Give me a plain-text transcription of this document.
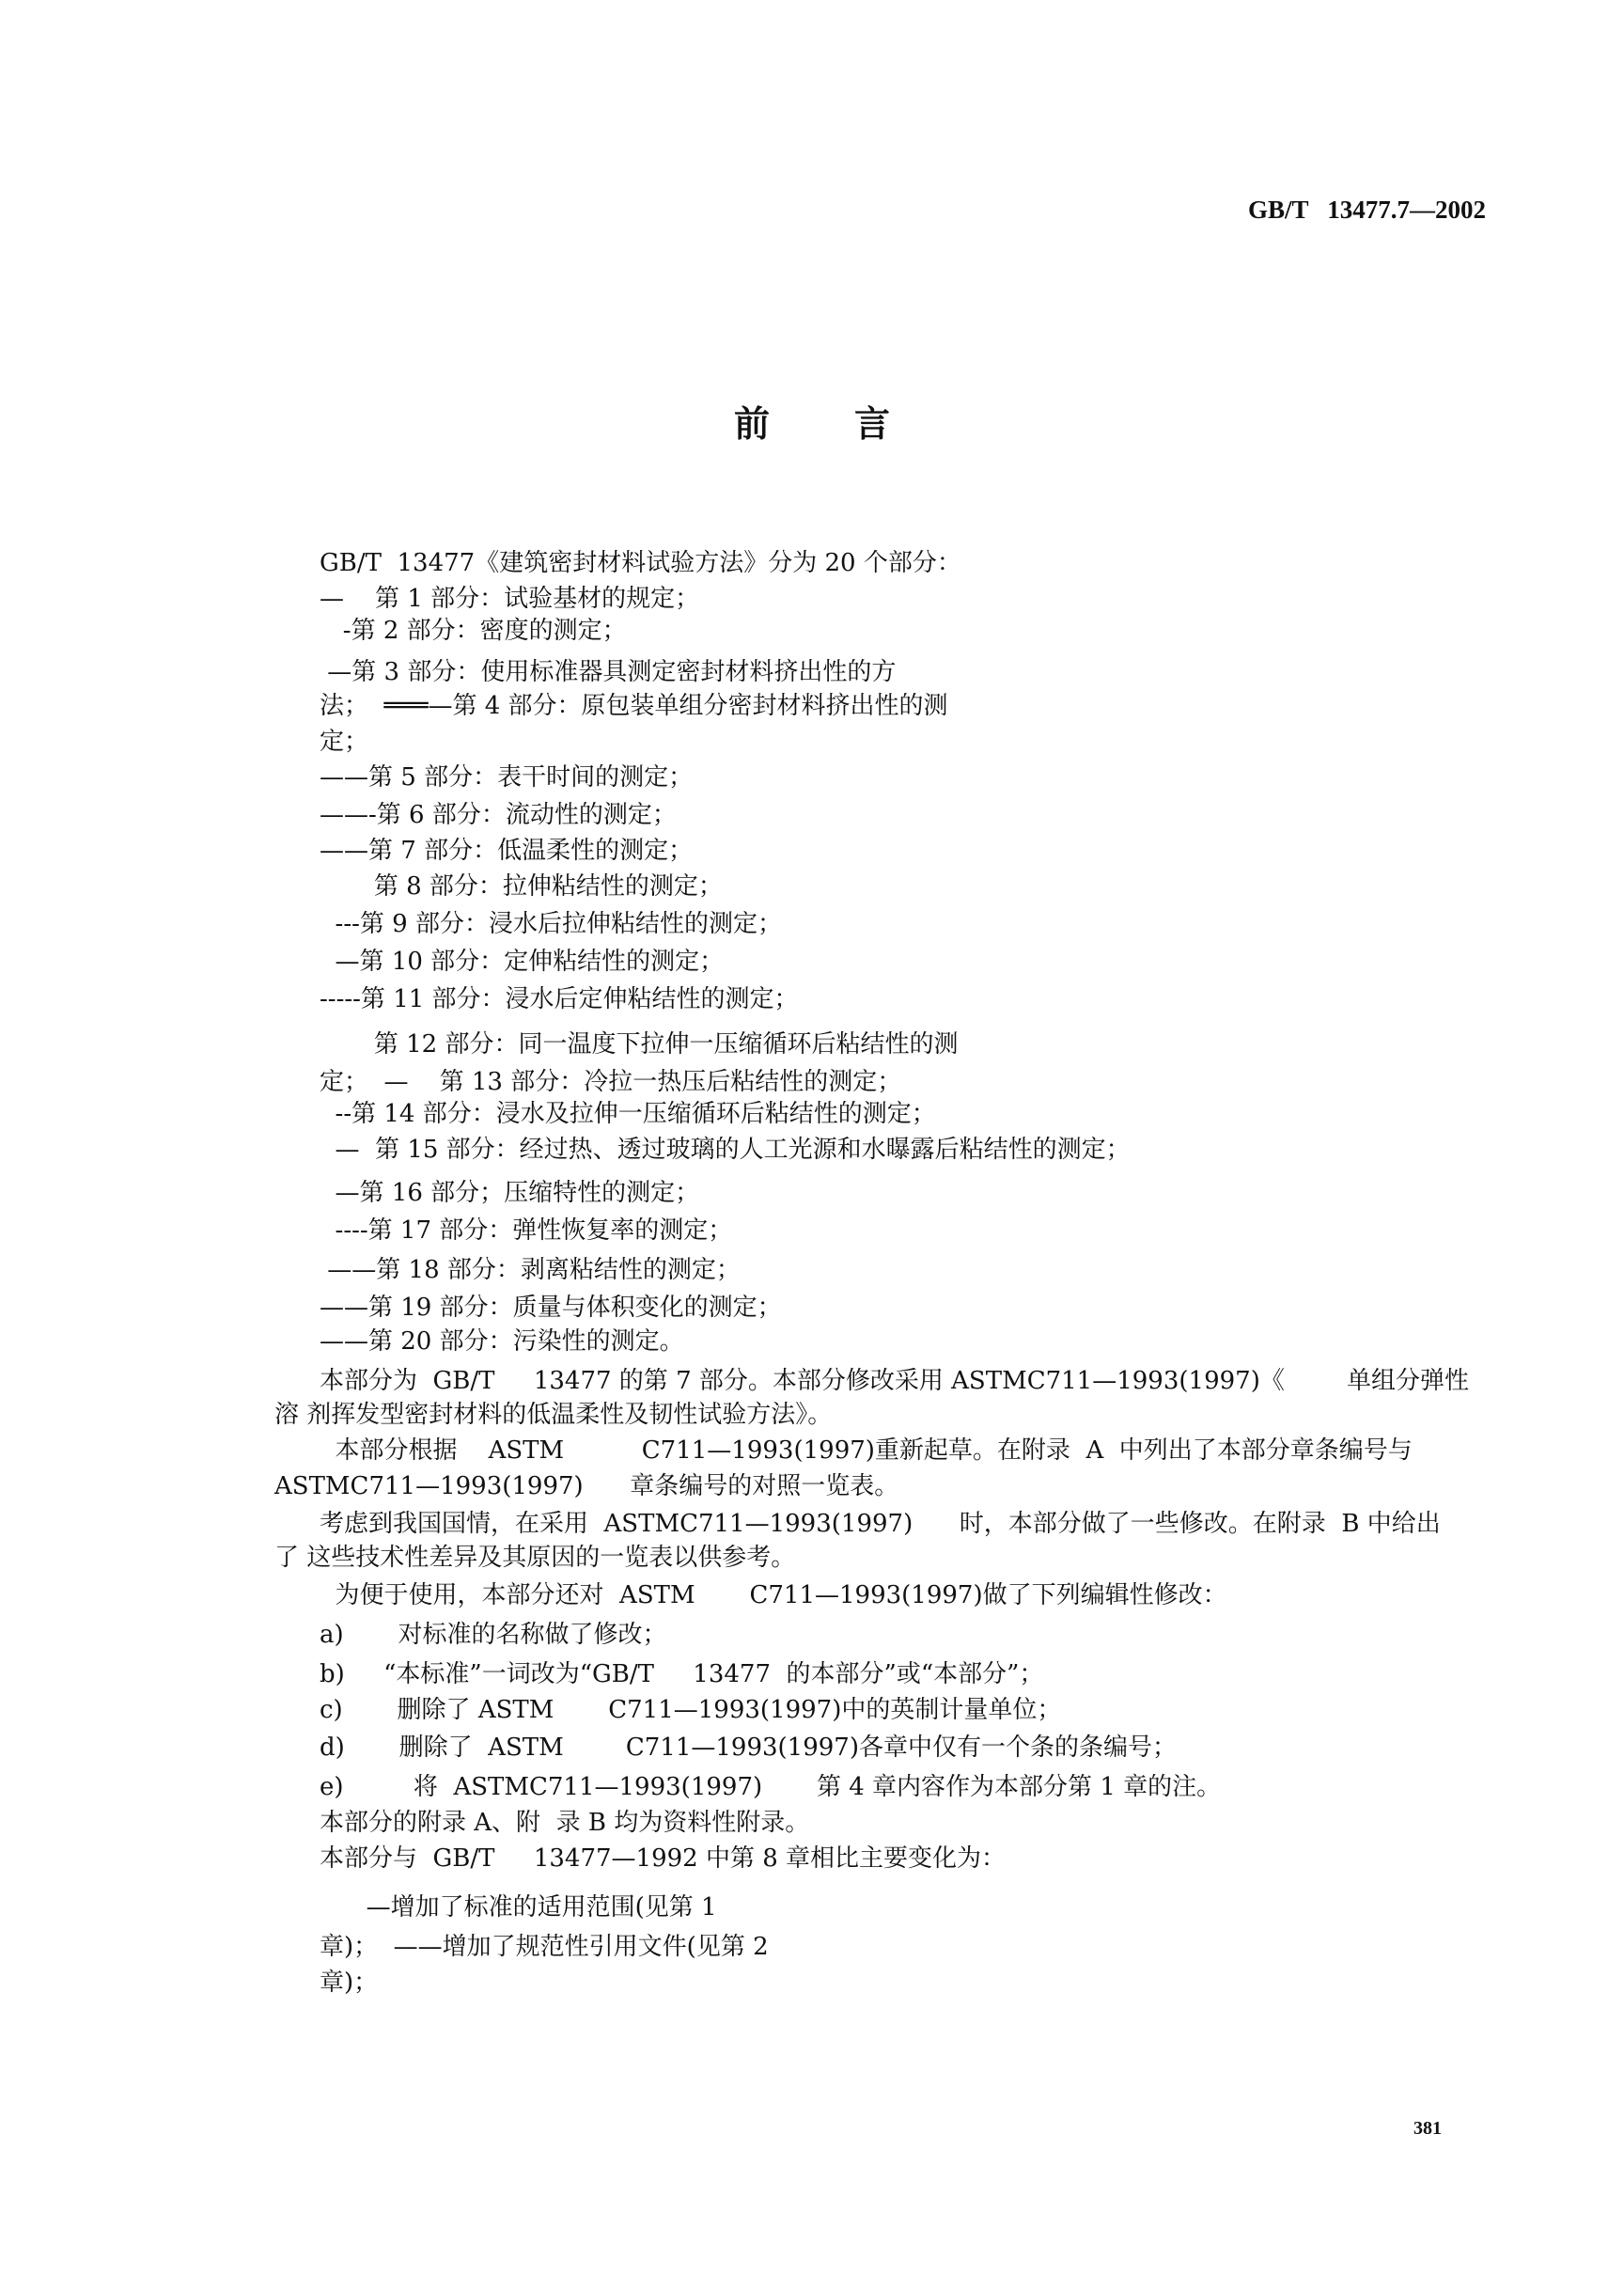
GB/T   13477.7—2002
前言
GB/T  13477《建筑密封材料试验方法》分为 20 个部分：
—    第 1 部分：试验基材的规定；
-第 2 部分：密度的测定；
—第 3 部分：使用标准器具测定密封材料挤出性的方
法；  ═══—第 4 部分：原包装单组分密封材料挤出性的测
定；
——第 5 部分：表干时间的测定；
——-第 6 部分：流动性的测定；
——第 7 部分：低温柔性的测定；
第 8 部分：拉伸粘结性的测定；
---第 9 部分：浸水后拉伸粘结性的测定；
—第 10 部分：定伸粘结性的测定；
-----第 11 部分：浸水后定伸粘结性的测定；
第 12 部分：同一温度下拉伸一压缩循环后粘结性的测
定；  —    第 13 部分：冷拉一热压后粘结性的测定；
--第 14 部分：浸水及拉伸一压缩循环后粘结性的测定；
—  第 15 部分：经过热、透过玻璃的人工光源和水曝露后粘结性的测定；
—第 16 部分；压缩特性的测定；
----第 17 部分：弹性恢复率的测定；
——第 18 部分：剥离粘结性的测定；
——第 19 部分：质量与体积变化的测定；
——第 20 部分：污染性的测定。
本部分为  GB/T     13477 的第 7 部分。本部分修改采用 ASTMC711—1993(1997)《        单组分弹性
溶 剂挥发型密封材料的低温柔性及韧性试验方法》。
本部分根据    ASTM          C711—1993(1997)重新起草。在附录  A  中列出了本部分章条编号与
ASTMC711—1993(1997)      章条编号的对照一览表。
考虑到我国国情，在采用  ASTMC711—1993(1997)      时，本部分做了一些修改。在附录  B 中给出
了 这些技术性差异及其原因的一览表以供参考。
为便于使用，本部分还对  ASTM       C711—1993(1997)做了下列编辑性修改：
a)       对标准的名称做了修改；
b)     “本标准”一词改为“GB/T     13477  的本部分”或“本部分”；
c)       删除了 ASTM       C711—1993(1997)中的英制计量单位；
d)       删除了  ASTM        C711—1993(1997)各章中仅有一个条的条编号；
e)         将  ASTMC711—1993(1997)       第 4 章内容作为本部分第 1 章的注。
本部分的附录 A、附  录 B 均为资料性附录。
本部分与  GB/T     13477—1992 中第 8 章相比主要变化为：
—增加了标准的适用范围(见第 1
章)；  ——增加了规范性引用文件(见第 2
章)；
381
